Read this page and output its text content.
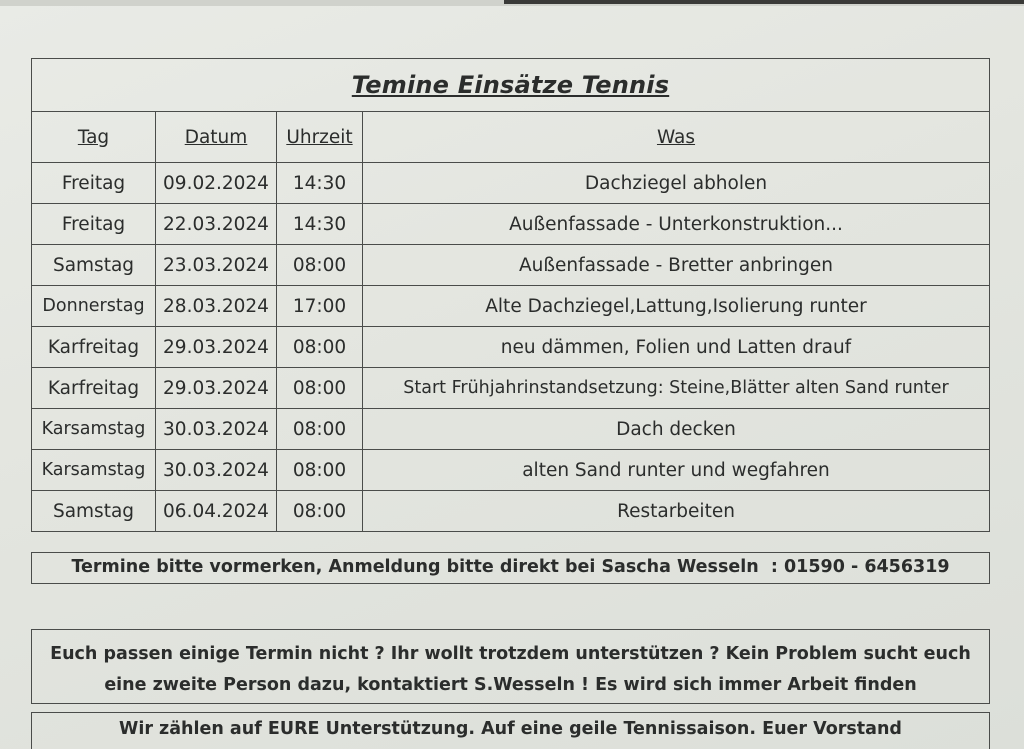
Temine Einsätze Tennis			
Tag	Datum	Uhrzeit	Was
Freitag	09.02.2024	14:30	Dachziegel abholen
Freitag	22.03.2024	14:30	Außenfassade - Unterkonstruktion...
Samstag	23.03.2024	08:00	Außenfassade - Bretter anbringen
Donnerstag	28.03.2024	17:00	Alte Dachziegel,Lattung,Isolierung runter
Karfreitag	29.03.2024	08:00	neu dämmen, Folien und Latten drauf
Karfreitag	29.03.2024	08:00	Start Frühjahrinstandsetzung: Steine,Blätter alten Sand runter
Karsamstag	30.03.2024	08:00	Dach decken
Karsamstag	30.03.2024	08:00	alten Sand runter und wegfahren
Samstag	06.04.2024	08:00	Restarbeiten
Termine bitte vormerken, Anmeldung bitte direkt bei Sascha Wesseln  : 01590 - 6456319
Euch passen einige Termin nicht ? Ihr wollt trotzdem unterstützen ? Kein Problem sucht euch
eine zweite Person dazu, kontaktiert S.Wesseln ! Es wird sich immer Arbeit finden
Wir zählen auf EURE Unterstützung. Auf eine geile Tennissaison. Euer Vorstand
